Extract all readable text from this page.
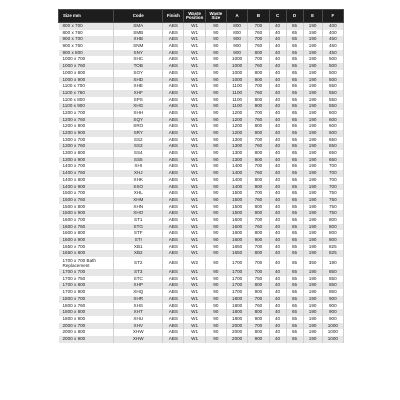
Size mm	Code	Finish	Waste Position	Waste Size	A	B	C	D	E	F
800 x 700	SMA	ABS	W1	90	800	700	40	65	190	400
800 x 760	SMB	ABS	W1	90	800	760	40	65	190	400
900 x 700	XHB	ABS	W1	90	900	700	40	65	190	450
900 x 760	SNM	ABS	W1	90	900	760	40	65	190	450
900 x 800	SNY	ABS	W1	90	900	800	40	65	190	450
1000 x 700	XHC	ABS	W1	90	1000	700	40	65	190	500
1000 x 760	TOB	ABS	W1	90	1000	760	40	65	190	500
1000 x 800	SOY	ABS	W1	90	1000	800	40	65	190	500
1000 x 900	XHD	ABS	W1	90	1000	900	40	65	190	500
1100 x 700	XHE	ABS	W1	90	1100	700	40	65	190	550
1100 x 760	XHF	ABS	W1	90	1100	760	40	65	190	550
1100 x 800	SPS	ABS	W1	90	1100	800	40	65	190	550
1100 x 900	XHG	ABS	W1	90	1100	900	40	65	190	550
1200 x 700	XHH	ABS	W1	90	1200	700	40	65	190	600
1200 x 760	SQY	ABS	W1	90	1200	760	40	65	190	600
1200 x 800	SRO	ABS	W1	90	1200	800	40	65	190	600
1200 x 900	SRY	ABS	W1	90	1200	900	40	65	190	600
1300 x 700	SS2	ABS	W1	90	1300	700	40	65	190	650
1300 x 760	SS3	ABS	W1	90	1300	760	40	65	190	650
1300 x 800	SS4	ABS	W1	90	1300	800	40	65	190	650
1300 x 900	SS5	ABS	W1	90	1300	900	40	65	190	650
1400 x 700	XHI	ABS	W1	90	1400	700	40	65	190	700
1400 x 760	XHJ	ABS	W1	90	1400	760	40	65	190	700
1400 x 800	XHK	ABS	W1	90	1400	800	40	65	190	700
1400 x 900	SSO	ABS	W1	90	1400	900	40	65	190	700
1500 x 700	XHL	ABS	W1	90	1500	700	40	65	190	750
1500 x 760	XHM	ABS	W1	90	1500	760	40	65	190	750
1500 x 800	XHN	ABS	W1	90	1500	800	40	65	190	750
1500 x 900	XHO	ABS	W1	90	1500	900	40	65	190	750
1600 x 700	ST1	ABS	W1	90	1600	700	40	65	190	800
1600 x 760	STG	ABS	W1	90	1600	760	40	65	190	800
1600 x 800	STF	ABS	W1	90	1600	800	40	65	190	800
1600 x 900	STI	ABS	W1	90	1600	900	40	65	190	800
1650 x 700	XB1	ABS	W1	90	1650	700	40	65	190	825
1650 x 800	XB2	ABS	W1	90	1650	800	40	65	190	825
1700 x 700 Bath Replacement	ST2	ABS	W2	90	1700	700	40	65	350	190
1700 x 700	ST3	ABS	W1	90	1700	700	40	65	190	850
1700 x 750	STC	ABS	W1	90	1700	750	40	65	190	850
1700 x 800	XHP	ABS	W1	90	1700	800	40	65	190	850
1700 x 900	XHQ	ABS	W1	90	1700	900	40	65	190	850
1800 x 700	XHR	ABS	W1	90	1800	700	40	65	190	900
1800 x 760	XHS	ABS	W1	90	1800	760	40	65	190	900
1800 x 800	XHT	ABS	W1	90	1800	800	40	65	190	900
1800 x 900	XHU	ABS	W1	90	1800	900	40	65	190	900
2000 x 700	XHV	ABS	W1	90	2000	700	40	65	190	1000
2000 x 800	XHW	ABS	W1	90	2000	800	40	65	190	1000
2000 x 900	XHW	ABS	W1	90	2000	900	40	65	190	1000
